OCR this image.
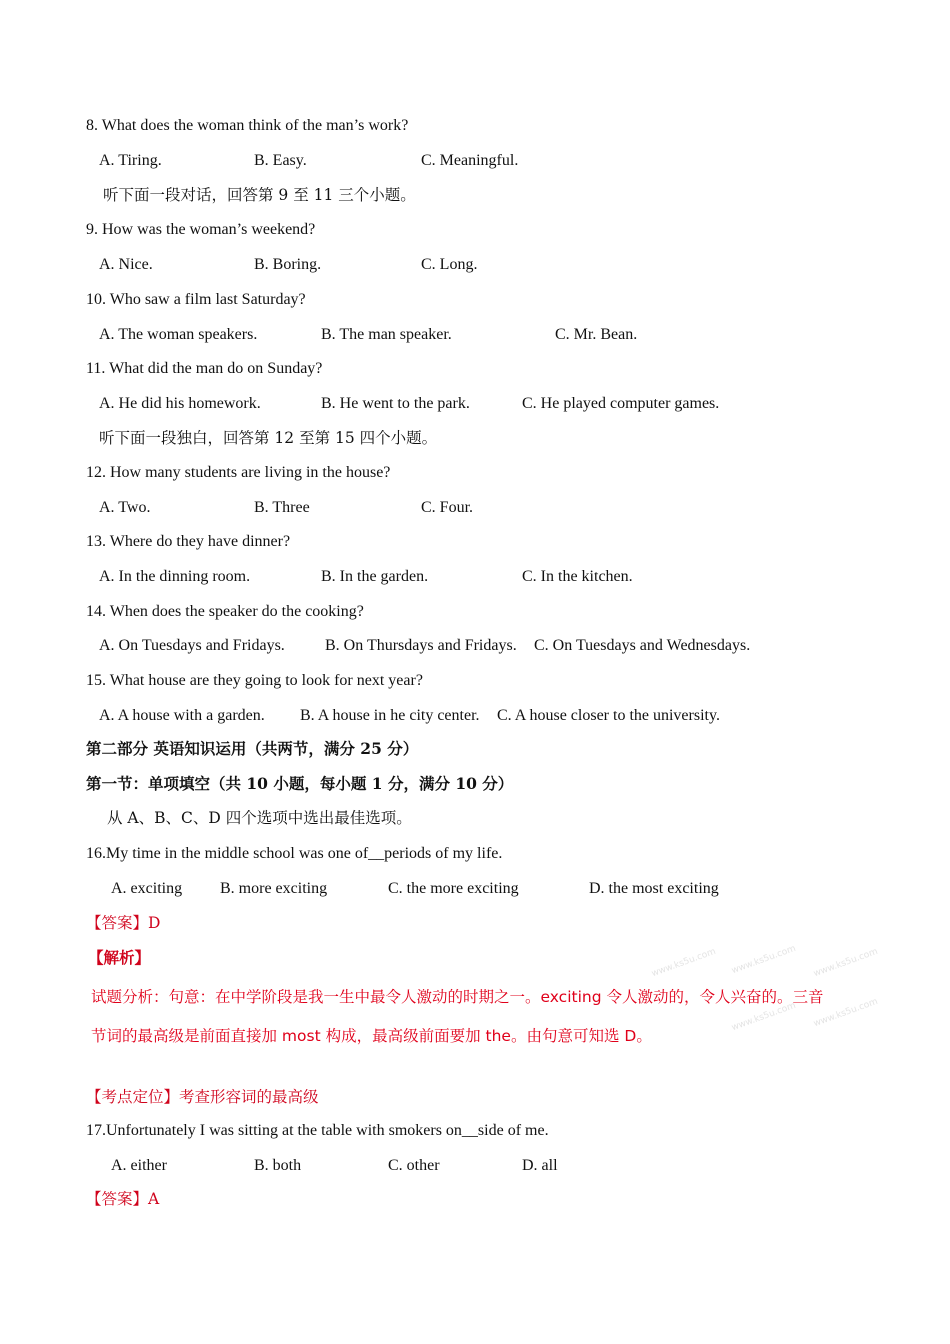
8. What does the woman think of the man’s work?
A. Tiring.	B. Easy.	C. Meaningful.
听下面一段对话，回答第 9 至 11 三个小题。
9. How was the woman’s weekend?
A. Nice.	B. Boring.	C. Long.
10. Who saw a film last Saturday?
A. The woman speakers.	B. The man speaker.	C. Mr. Bean.
11. What did the man do on Sunday?
A. He did his homework.	B. He went to the park.	C. He played computer games.
听下面一段独白，回答第 12 至第 15 四个小题。
12. How many students are living in the house?
A. Two.	B. Three	C. Four.
13. Where do they have dinner?
A. In the dinning room.	B. In the garden.	C. In the kitchen.
14. When does the speaker do the cooking?
A. On Tuesdays and Fridays.	B. On Thursdays and Fridays. C. On Tuesdays and Wednesdays.
15. What house are they going to look for next year?
A. A house with a garden. B. A house in he city center. C. A house closer to the university.
第二部分 英语知识运用（共两节，满分 25 分）
第一节：单项填空（共 10 小题，每小题 1 分，满分 10 分）
从 A、B、C、D 四个选项中选出最佳选项。
16.My time in the middle school was one of__periods of my life.
A. exciting B. more exciting	C. the more exciting	D. the most exciting
【答案】D
【解析】	www.ks5u.com www.ks5u.com www.ks5u.com
www.ks5u.com www.ks5u.com
试题分析：句意：在中学阶段是我一生中最令人激动的时期之一。exciting 令人激动的，令人兴奋的。三音
节词的最高级是前面直接加 most 构成，最高级前面要加 the。由句意可知选 D。
【考点定位】考查形容词的最高级
17.Unfortunately I was sitting at the table with smokers on__side of me.
A. either	B. both	C. other	D. all
【答案】A
